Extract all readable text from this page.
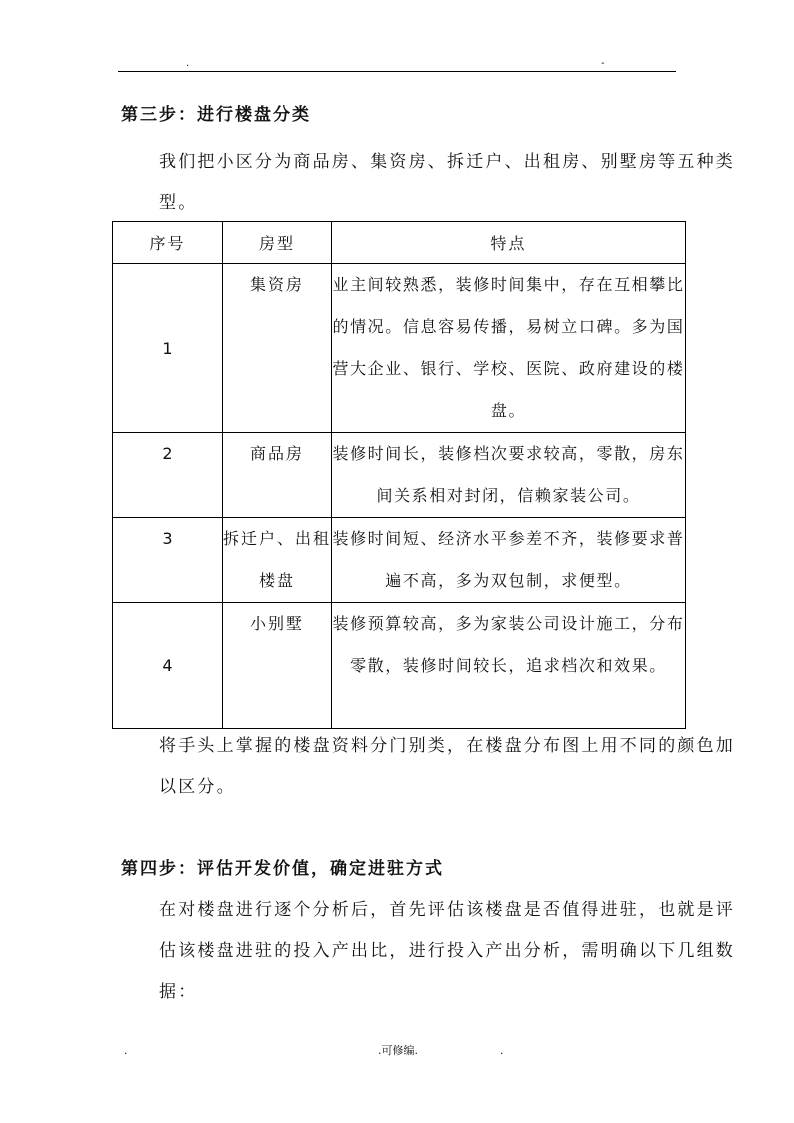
.	-
第三步：进行楼盘分类
我们把小区分为商品房、集资房、拆迁户、出租房、别墅房等五种类型。
序号	房型	特点
1	集资房	业主间较熟悉，装修时间集中，存在互相攀比的情况。信息容易传播，易树立口碑。多为国营大企业、银行、学校、医院、政府建设的楼盘。
2	商品房	装修时间长，装修档次要求较高，零散，房东间关系相对封闭，信赖家装公司。
3	拆迁户、出租楼盘	装修时间短、经济水平参差不齐，装修要求普遍不高，多为双包制，求便型。
4	小别墅	装修预算较高，多为家装公司设计施工，分布零散，装修时间较长，追求档次和效果。
将手头上掌握的楼盘资料分门别类，在楼盘分布图上用不同的颜色加以区分。
第四步：评估开发价值，确定进驻方式
在对楼盘进行逐个分析后，首先评估该楼盘是否值得进驻，也就是评估该楼盘进驻的投入产出比，进行投入产出分析，需明确以下几组数据：
.	.可修编.	.
